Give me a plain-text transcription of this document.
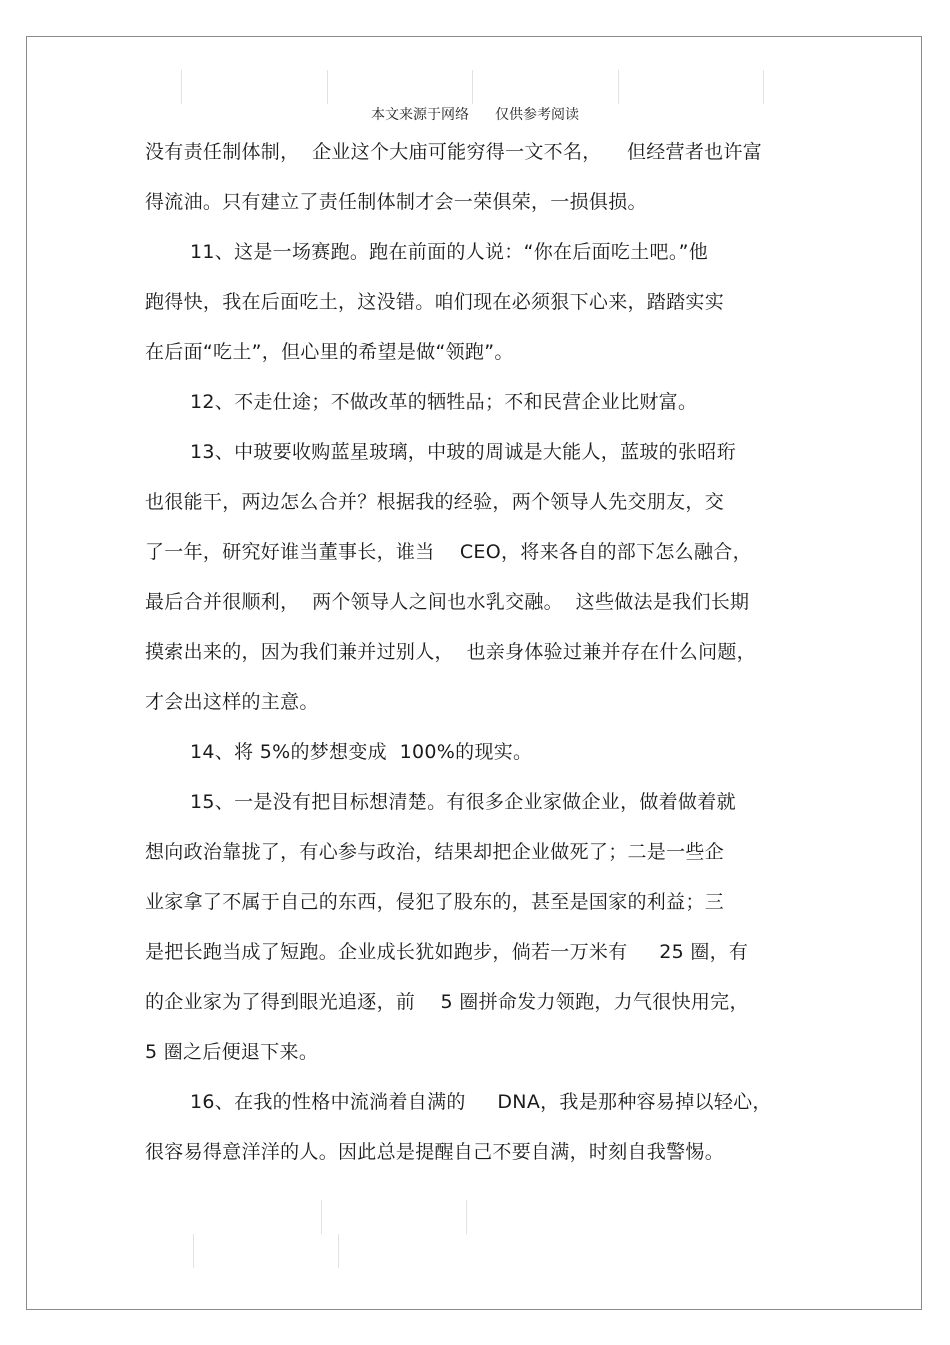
本文来源于网络 仅供参考阅读
没有责任制体制，  企业这个大庙可能穷得一文不名，    但经营者也许富
得流油。只有建立了责任制体制才会一荣俱荣，一损俱损。
11、这是一场赛跑。跑在前面的人说：“你在后面吃土吧。”他
跑得快，我在后面吃土，这没错。咱们现在必须狠下心来，踏踏实实
在后面“吃土”，但心里的希望是做“领跑”。
12、不走仕途；不做改革的牺牲品；不和民营企业比财富。
13、中玻要收购蓝星玻璃，中玻的周诚是大能人，蓝玻的张昭珩
也很能干，两边怎么合并？根据我的经验，两个领导人先交朋友，交
了一年，研究好谁当董事长，谁当    CEO，将来各自的部下怎么融合，
最后合并很顺利，  两个领导人之间也水乳交融。  这些做法是我们长期
摸索出来的，因为我们兼并过别人，  也亲身体验过兼并存在什么问题，
才会出这样的主意。
14、将 5%的梦想变成  100%的现实。
15、一是没有把目标想清楚。有很多企业家做企业，做着做着就
想向政治靠拢了，有心参与政治，结果却把企业做死了；二是一些企
业家拿了不属于自己的东西，侵犯了股东的，甚至是国家的利益；三
是把长跑当成了短跑。企业成长犹如跑步，倘若一万米有     25 圈，有
的企业家为了得到眼光追逐，前    5 圈拼命发力领跑，力气很快用完，
5 圈之后便退下来。
16、在我的性格中流淌着自满的     DNA，我是那种容易掉以轻心，
很容易得意洋洋的人。因此总是提醒自己不要自满，时刻自我警惕。
